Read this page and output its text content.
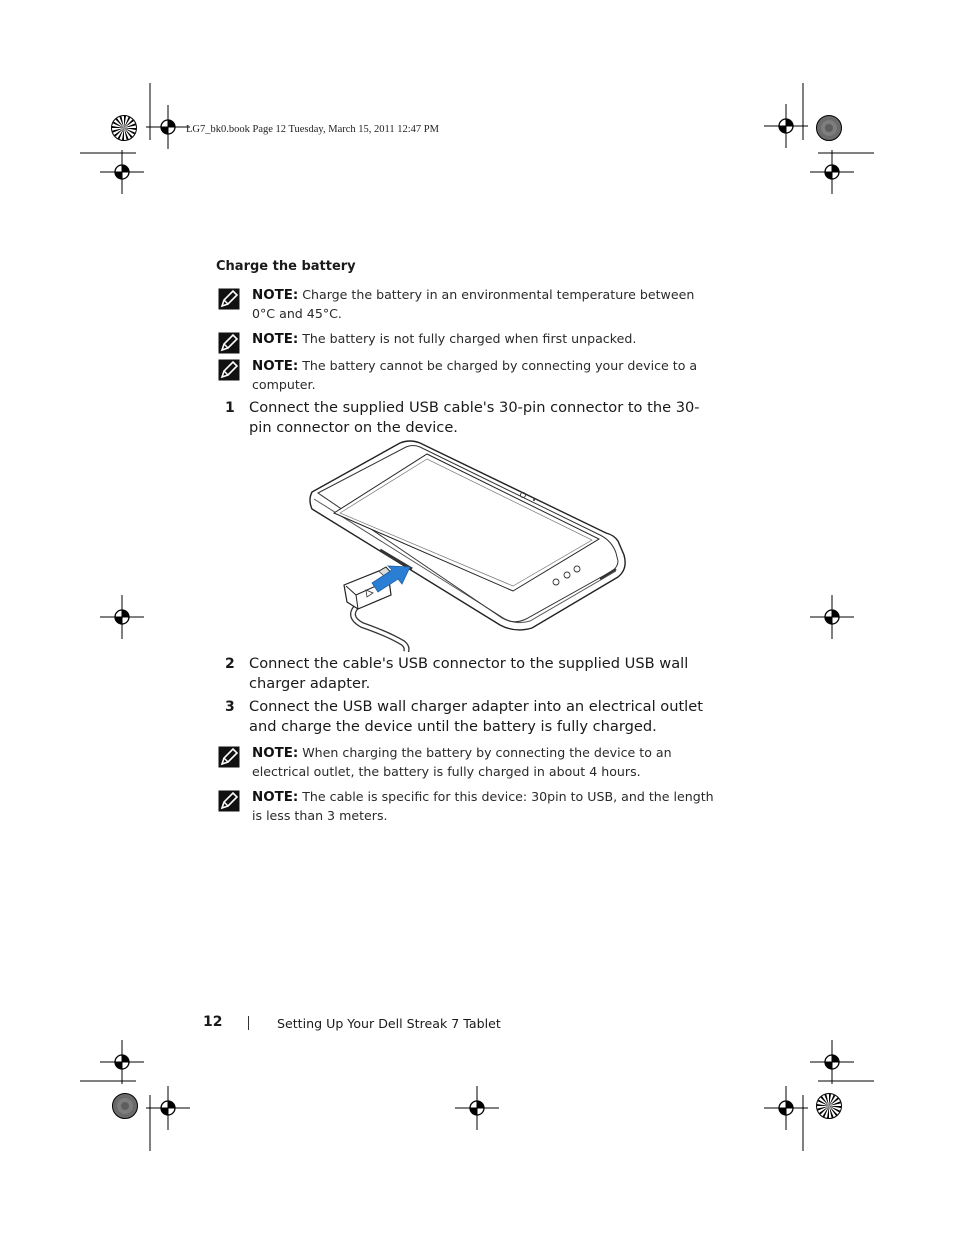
LG7_bk0.book Page 12 Tuesday, March 15, 2011 12:47 PM
Charge the battery
NOTE: Charge the battery in an environmental temperature between 0°C and 45°C.
NOTE: The battery is not fully charged when first unpacked.
NOTE: The battery cannot be charged by connecting your device to a computer.
1 Connect the supplied USB cable's 30-pin connector to the 30-pin connector on the device.
2 Connect the cable's USB connector to the supplied USB wall charger adapter.
3 Connect the USB wall charger adapter into an electrical outlet and charge the device until the battery is fully charged.
NOTE: When charging the battery by connecting the device to an electrical outlet, the battery is fully charged in about 4 hours.
NOTE: The cable is specific for this device: 30pin to USB, and the length is less than 3 meters.
12	Setting Up Your Dell Streak 7 Tablet
